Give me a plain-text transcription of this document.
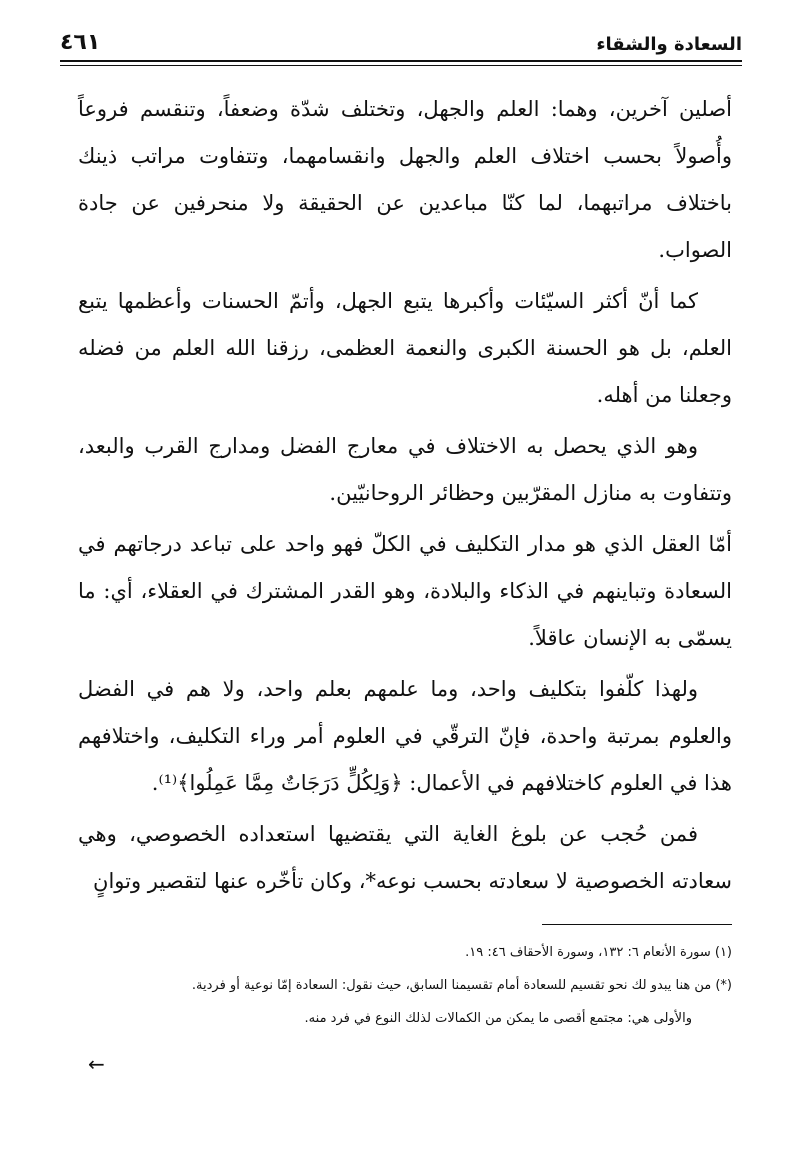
السعادة والشقاء
٤٦١

أصلين آخرين، وهما: العلم والجهل، وتختلف شدّة وضعفاً، وتنقسم فروعاً وأُصولاً بحسب اختلاف العلم والجهل وانقسامهما، وتتفاوت مراتب ذينك باختلاف مراتبهما، لما كنّا مباعدين عن الحقيقة ولا منحرفين عن جادة الصواب.

كما أنّ أكثر السيّئات وأكبرها يتبع الجهل، وأتمّ الحسنات وأعظمها يتبع العلم، بل هو الحسنة الكبرى والنعمة العظمى، رزقنا الله العلم من فضله وجعلنا من أهله.

وهو الذي يحصل به الاختلاف في معارج الفضل ومدارج القرب والبعد، وتتفاوت به منازل المقرّبين وحظائر الروحانيّين.

أمّا العقل الذي هو مدار التكليف في الكلّ فهو واحد على تباعد درجاتهم في السعادة وتباينهم في الذكاء والبلادة، وهو القدر المشترك في العقلاء، أي: ما يسمّى به الإنسان عاقلاً.

ولهذا كلّفوا بتكليف واحد، وما علمهم بعلم واحد، ولا هم في الفضل والعلوم بمرتبة واحدة، فإنّ الترقّي في العلوم أمر وراء التكليف، واختلافهم هذا في العلوم كاختلافهم في الأعمال: ﴿وَلِكُلٍّ دَرَجَاتٌ مِمَّا عَمِلُوا﴾⁽¹⁾.

فمن حُجب عن بلوغ الغاية التي يقتضيها استعداده الخصوصي، وهي سعادته الخصوصية لا سعادته بحسب نوعه*، وكان تأخّره عنها لتقصير وتوانٍ

(١) سورة الأنعام ٦: ١٣٢، وسورة الأحقاف ٤٦: ١٩.

(*) من هنا يبدو لك نحو تقسيم للسعادة أمام تقسيمنا السابق، حيث نقول: السعادة إمّا نوعية أو فردية.

والأولى هي: مجتمع أقصى ما يمكن من الكمالات لذلك النوع في فرد منه.

←
